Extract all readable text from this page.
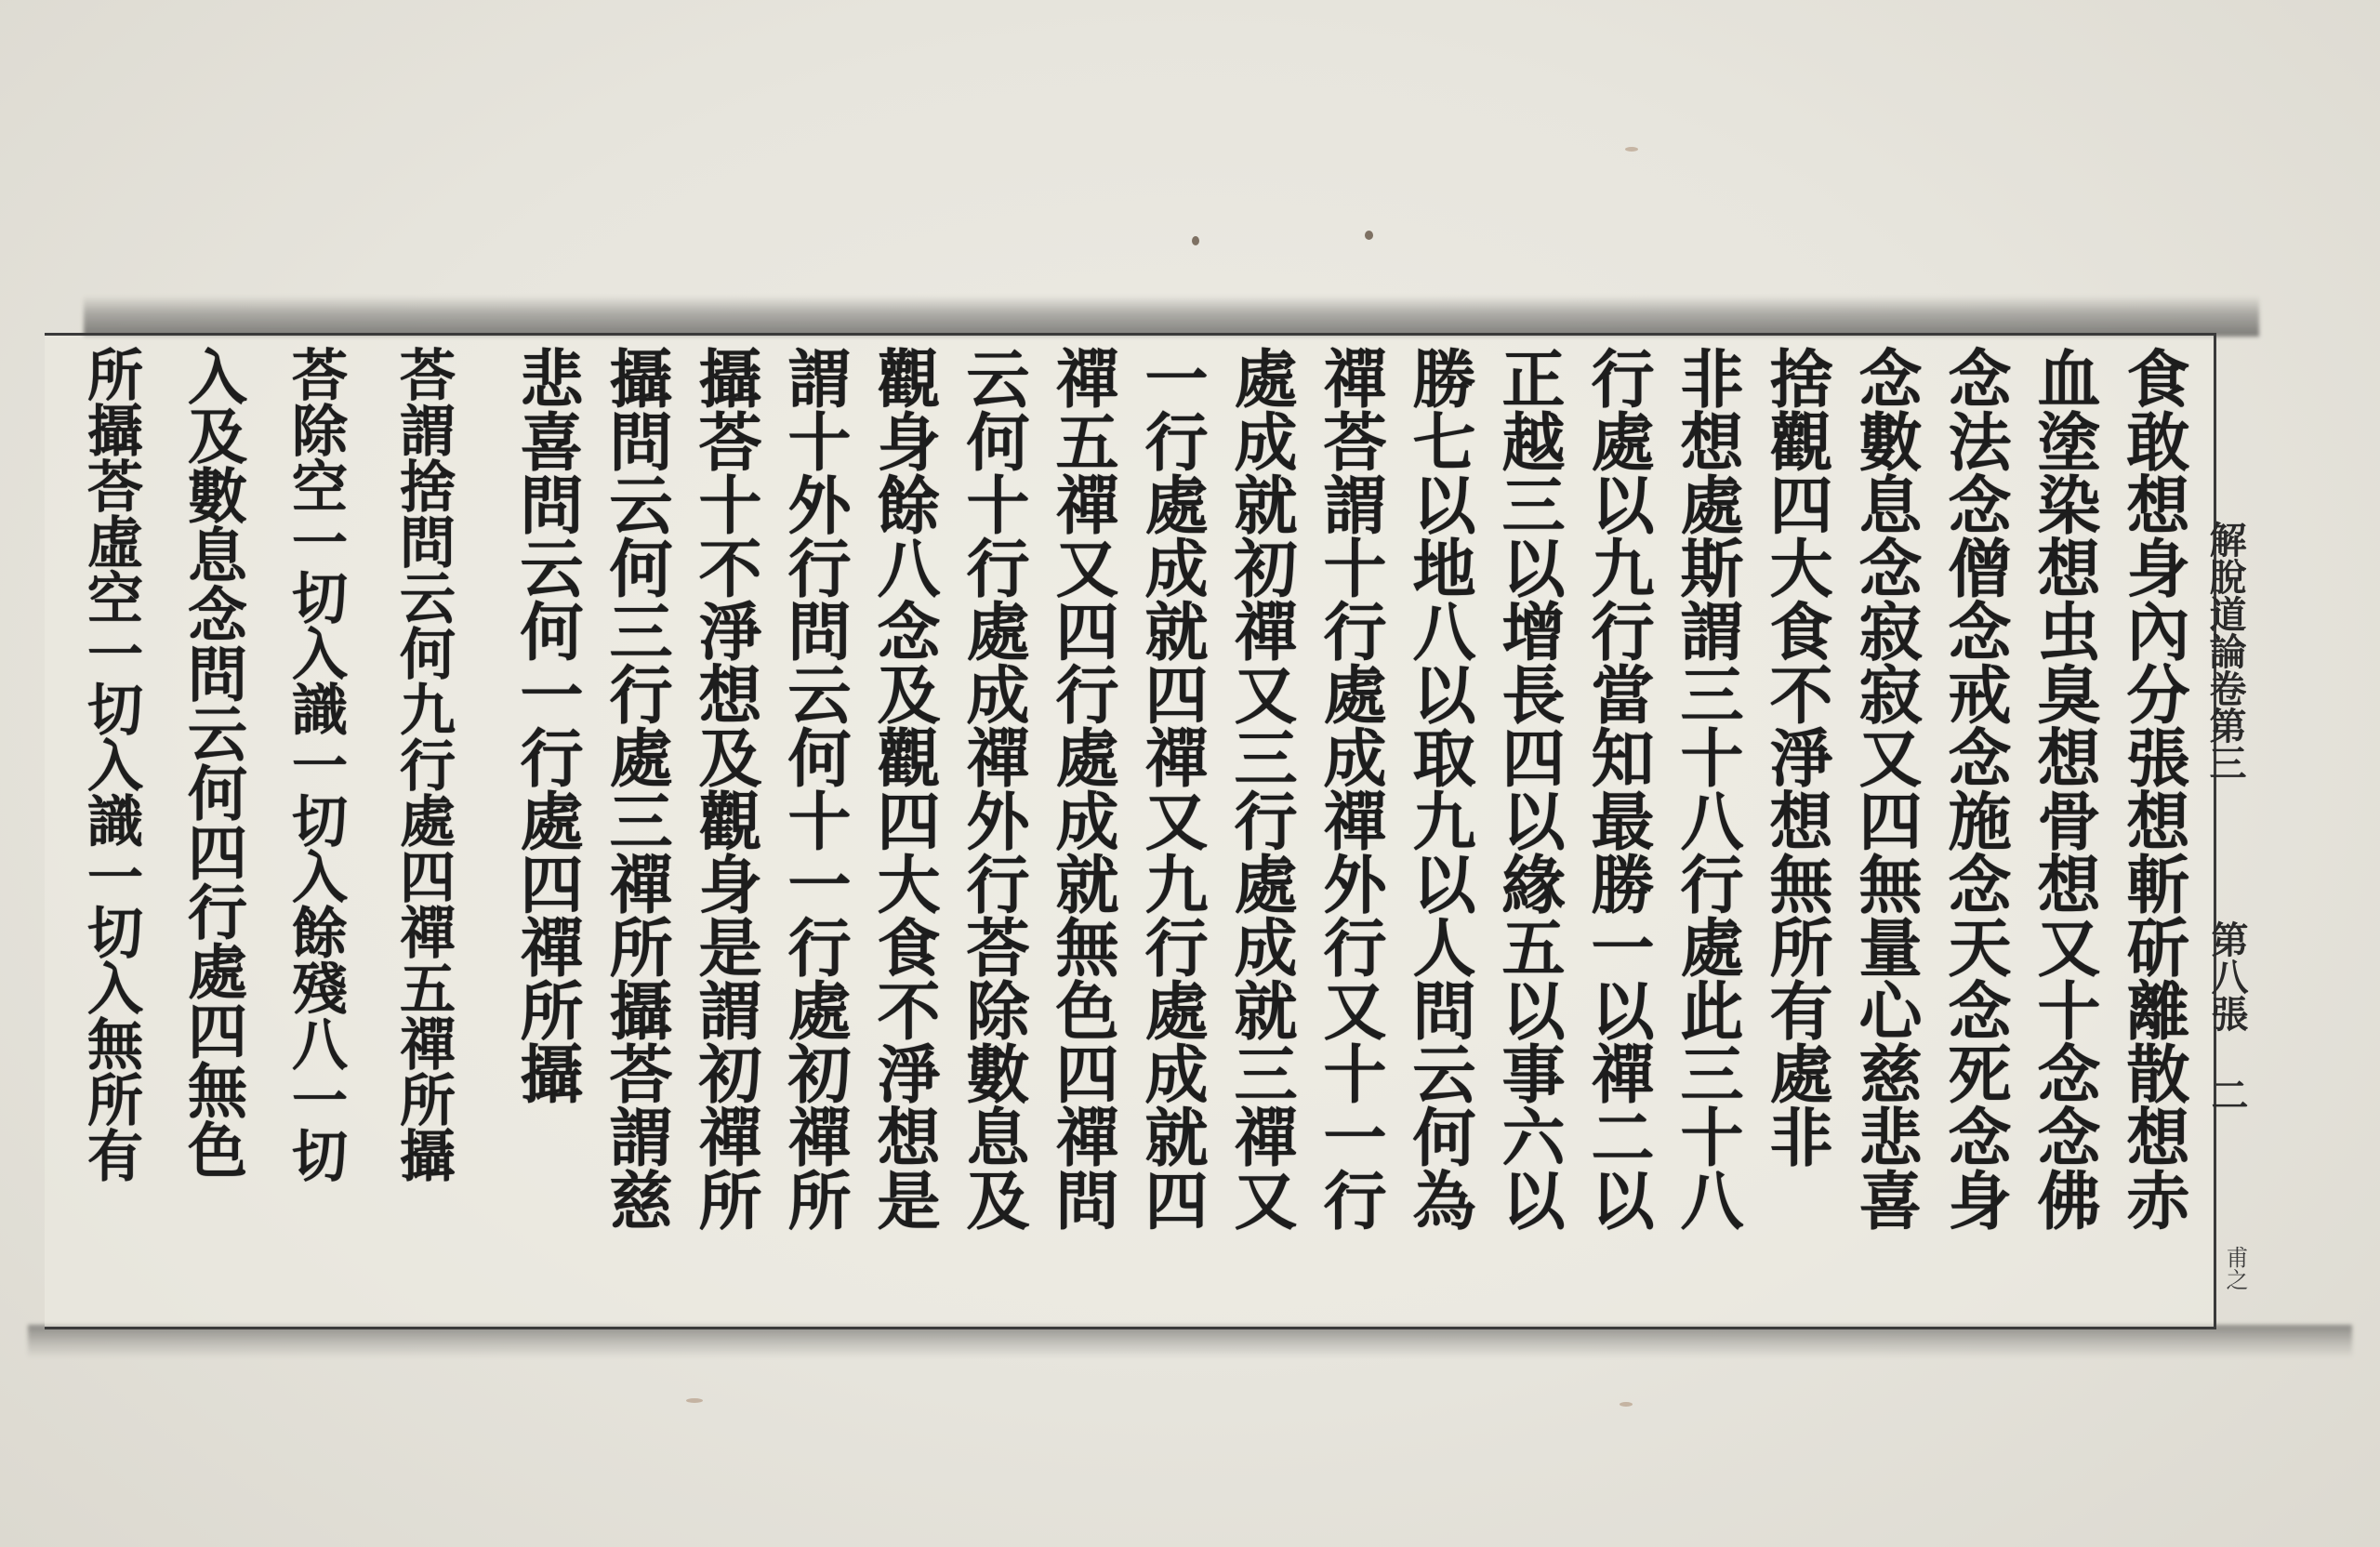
解脫道論卷第三
第八張 二
甫之
食敢想身內分張想斬斫離散想赤
血塗染想虫臭想骨想又十念念佛
念法念僧念戒念施念天念死念身
念數息念寂寂又四無量心慈悲喜
捨觀四大食不淨想無所有處非
非想處斯謂三十八行處此三十八
行處以九行當知最勝一以禪二以
正越三以增長四以緣五以事六以
勝七以地八以取九以人問云何為
禪荅謂十行處成禪外行又十一行
處成就初禪又三行處成就三禪又
一行處成就四禪又九行處成就四
禪五禪又四行處成就無色四禪問
云何十行處成禪外行荅除數息及
觀身餘八念及觀四大食不淨想是
謂十外行問云何十一行處初禪所
攝荅十不淨想及觀身是謂初禪所
攝問云何三行處三禪所攝荅謂慈
悲喜問云何一行處四禪所攝
荅謂捨問云何九行處四禪五禪所攝
荅除空一切入識一切入餘殘八一切
入及數息念問云何四行處四無色
所攝荅虛空一切入識一切入無所有
